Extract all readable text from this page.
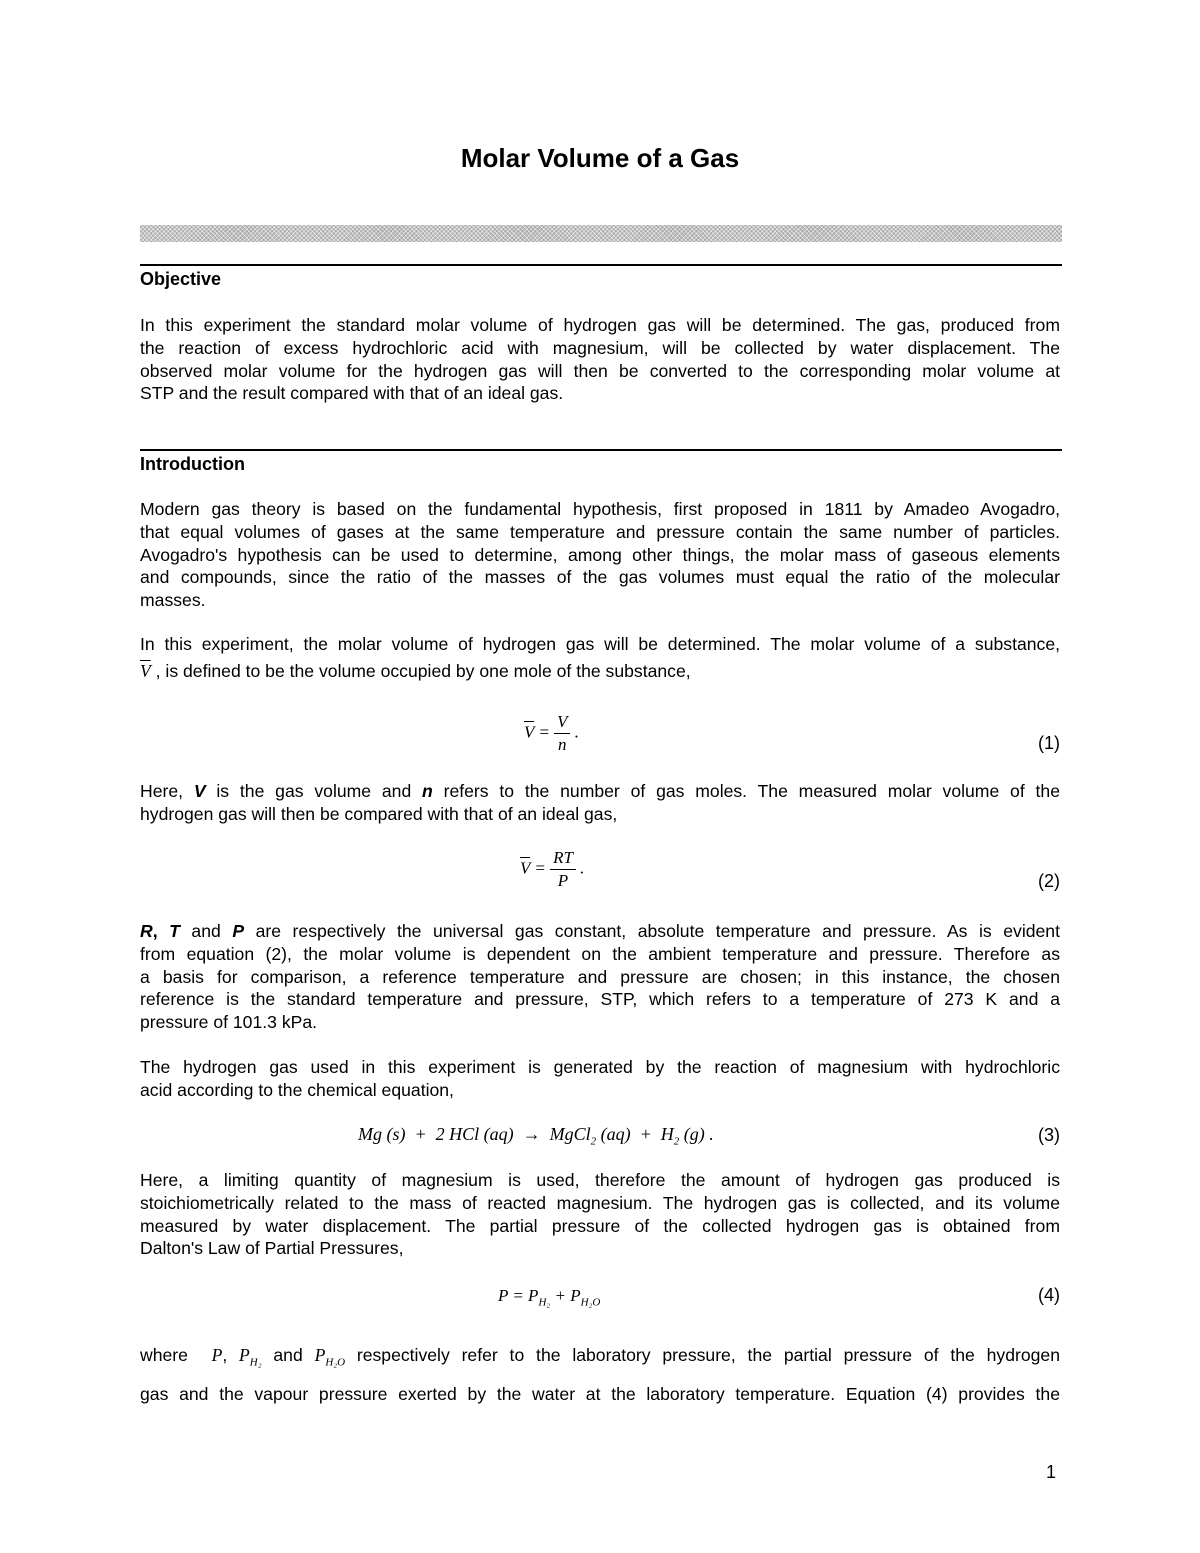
Molar Volume of a Gas
Objective
In this experiment the standard molar volume of hydrogen gas will be determined. The gas, produced from
the reaction of excess hydrochloric acid with magnesium, will be collected by water displacement. The
observed molar volume for the hydrogen gas will then be converted to the corresponding molar volume at
STP and the result compared with that of an ideal gas.
Introduction
Modern gas theory is based on the fundamental hypothesis, first proposed in 1811 by Amadeo Avogadro,
that equal volumes of gases at the same temperature and pressure contain the same number of particles.
Avogadro's hypothesis can be used to determine, among other things, the molar mass of gaseous elements
and compounds, since the ratio of the masses of the gas volumes must equal the ratio of the molecular
masses.
In this experiment, the molar volume of hydrogen gas will be determined. The molar volume of a substance,
$\overline{V}$ , is defined to be the volume occupied by one mole of the substance,
$\overline{V} = \frac{V}{n}$ .
(1)
Here, V is the gas volume and n refers to the number of gas moles. The measured molar volume of the
hydrogen gas will then be compared with that of an ideal gas,
$\overline{V} = \frac{RT}{P}$ .
(2)
R, T and P are respectively the universal gas constant, absolute temperature and pressure. As is evident
from equation (2), the molar volume is dependent on the ambient temperature and pressure. Therefore as
a basis for comparison, a reference temperature and pressure are chosen; in this instance, the chosen
reference is the standard temperature and pressure, STP, which refers to a temperature of 273 K and a
pressure of 101.3 kPa.
The hydrogen gas used in this experiment is generated by the reaction of magnesium with hydrochloric
acid according to the chemical equation,
Mg (s)  +  2 HCl (aq)  →  MgCl$_2$ $(aq) + H_2$ (g) .	(3)
Here, a limiting quantity of magnesium is used, therefore the amount of hydrogen gas produced is
stoichiometrically related to the mass of reacted magnesium. The hydrogen gas is collected, and its volume
measured by water displacement. The partial pressure of the collected hydrogen gas is obtained from
Dalton's Law of Partial Pressures,
$P = P_{H_2} + P_{H_2O}$	(4)
where  P, $P_{H_2}$ and $P_{H_2O}$ respectively refer to the laboratory pressure, the partial pressure of the hydrogen
gas and the vapour pressure exerted by the water at the laboratory temperature. Equation (4) provides the
1
